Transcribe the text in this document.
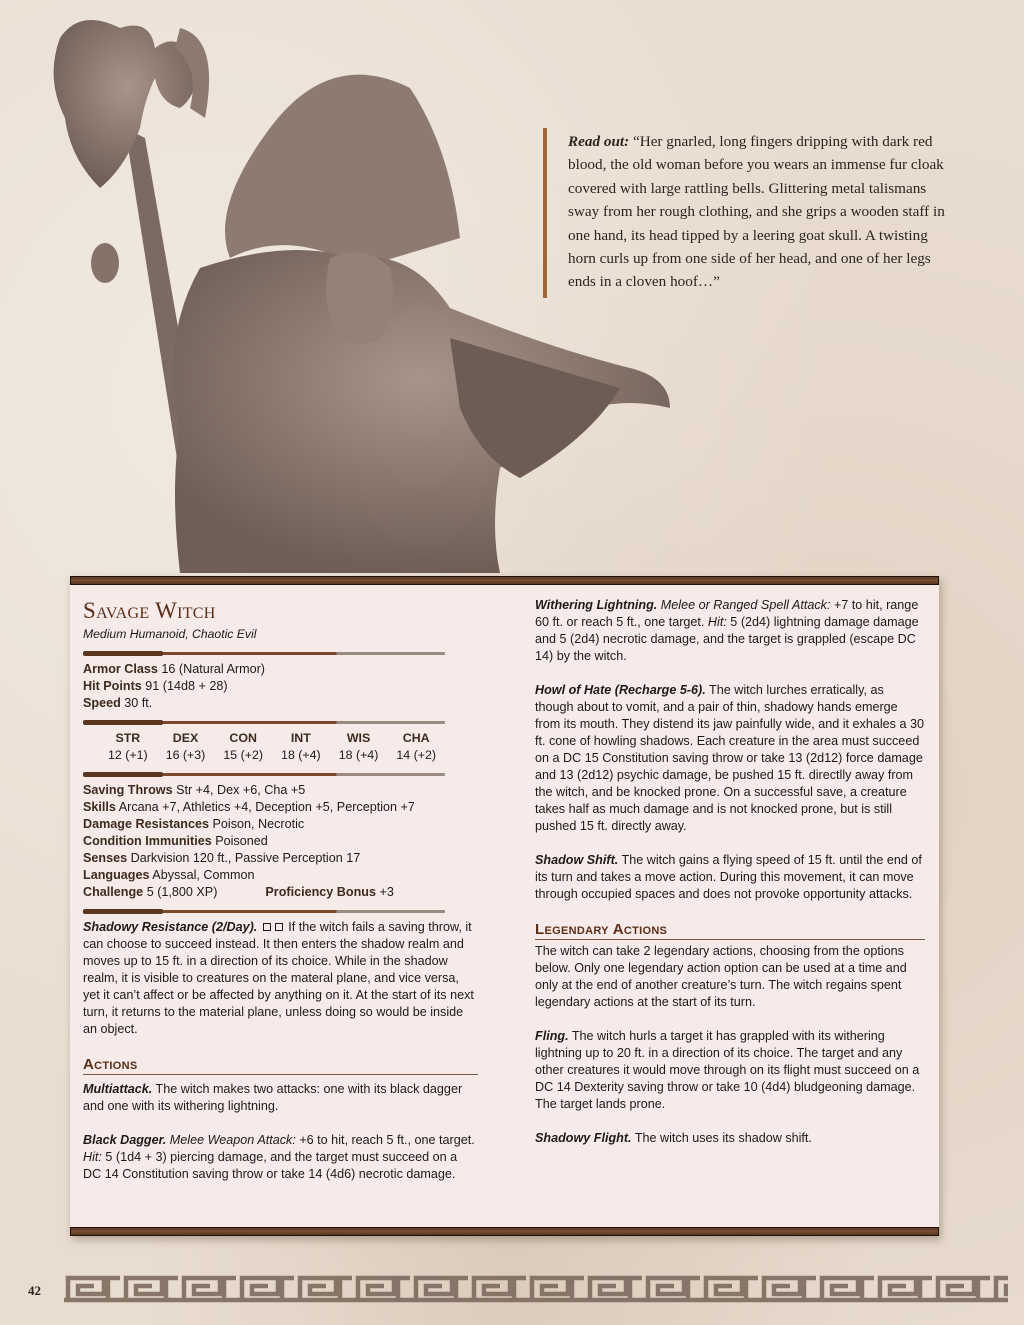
Read out: “Her gnarled, long fingers dripping with dark red blood, the old woman before you wears an immense fur cloak covered with large rattling bells. Glittering metal talismans sway from her rough clothing, and she grips a wooden staff in one hand, its head tipped by a leering goat skull. A twisting horn curls up from one side of her head, and one of her legs ends in a cloven hoof…”
Savage Witch
Medium Humanoid, Chaotic Evil
Armor Class 16 (Natural Armor)
Hit Points 91 (14d8 + 28)
Speed 30 ft.
STR
12 (+1)
DEX
16 (+3)
CON
15 (+2)
INT
18 (+4)
WIS
18 (+4)
CHA
14 (+2)
Saving Throws Str +4, Dex +6, Cha +5
Skills Arcana +7, Athletics +4, Deception +5, Perception +7
Damage Resistances Poison, Necrotic
Condition Immunities Poisoned
Senses Darkvision 120 ft., Passive Perception 17
Languages Abyssal, Common
Challenge 5 (1,800 XP)	Proficiency Bonus +3
Shadowy Resistance (2/Day).  If the witch fails a saving throw, it can choose to succeed instead. It then enters the shadow realm and moves up to 15 ft. in a direction of its choice. While in the shadow realm, it is visible to creatures on the materal plane, and vice versa, yet it can’t affect or be affected by anything on it. At the start of its next turn, it returns to the material plane, unless doing so would be inside an object.
Actions
Multiattack. The witch makes two attacks: one with its black dagger and one with its withering lightning.
Black Dagger. Melee Weapon Attack: +6 to hit, reach 5 ft., one target. Hit: 5 (1d4 + 3) piercing damage, and the target must succeed on a DC 14 Constitution saving throw or take 14 (4d6) necrotic damage.
Withering Lightning. Melee or Ranged Spell Attack: +7 to hit, range 60 ft. or reach 5 ft., one target. Hit: 5 (2d4) lightning damage damage and 5 (2d4) necrotic damage, and the target is grappled (escape DC 14) by the witch.
Howl of Hate (Recharge 5-6). The witch lurches erratically, as though about to vomit, and a pair of thin, shadowy hands emerge from its mouth. They distend its jaw painfully wide, and it exhales a 30 ft. cone of howling shadows. Each creature in the area must succeed on a DC 15 Constitution saving throw or take 13 (2d12) force damage and 13 (2d12) psychic damage, be pushed 15 ft. directlly away from the witch, and be knocked prone. On a successful save, a creature takes half as much damage and is not knocked prone, but is still pushed 15 ft. directly away.
Shadow Shift. The witch gains a flying speed of 15 ft. until the end of its turn and takes a move action. During this movement, it can move through occupied spaces and does not provoke opportunity attacks.
Legendary Actions
The witch can take 2 legendary actions, choosing from the options below. Only one legendary action option can be used at a time and only at the end of another creature’s turn. The witch regains spent legendary actions at the start of its turn.
Fling. The witch hurls a target it has grappled with its withering lightning up to 20 ft. in a direction of its choice. The target and any other creatures it would move through on its flight must succeed on a DC 14 Dexterity saving throw or take 10 (4d4) bludgeoning damage. The target lands prone.
Shadowy Flight. The witch uses its shadow shift.
42
